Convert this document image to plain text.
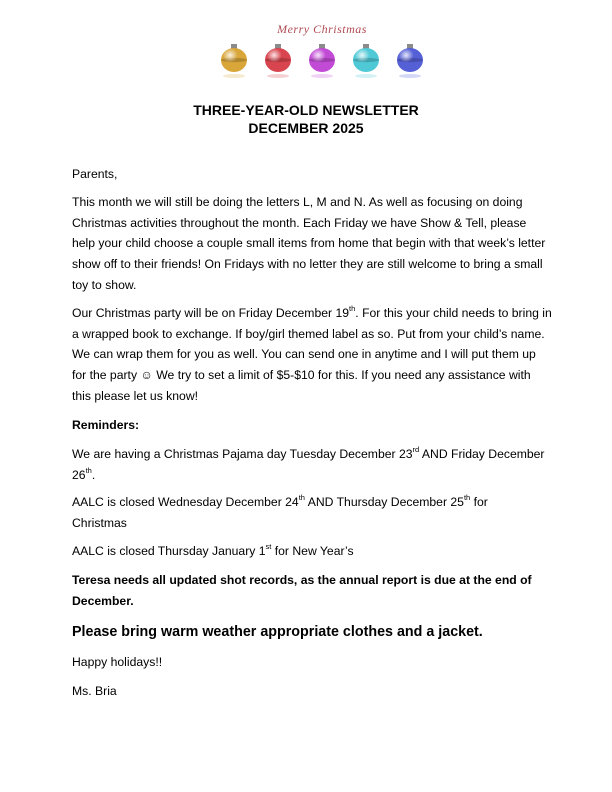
Merry Christmas
THREE-YEAR-OLD NEWSLETTER
DECEMBER 2025
Parents,

This month we will still be doing the letters L, M and N. As well as focusing on doing Christmas activities throughout the month. Each Friday we have Show & Tell, please help your child choose a couple small items from home that begin with that week’s letter show off to their friends! On Fridays with no letter they are still welcome to bring a small toy to show.

Our Christmas party will be on Friday December 19th. For this your child needs to bring in a wrapped book to exchange. If boy/girl themed label as so. Put from your child’s name. We can wrap them for you as well. You can send one in anytime and I will put them up for the party ☺ We try to set a limit of $5-$10 for this. If you need any assistance with this please let us know!

Reminders:

We are having a Christmas Pajama day Tuesday December 23rd AND Friday December 26th.

AALC is closed Wednesday December 24th AND Thursday December 25th for Christmas

AALC is closed Thursday January 1st for New Year’s

Teresa needs all updated shot records, as the annual report is due at the end of December.
Please bring warm weather appropriate clothes and a jacket.
Happy holidays!!
Ms. Bria
